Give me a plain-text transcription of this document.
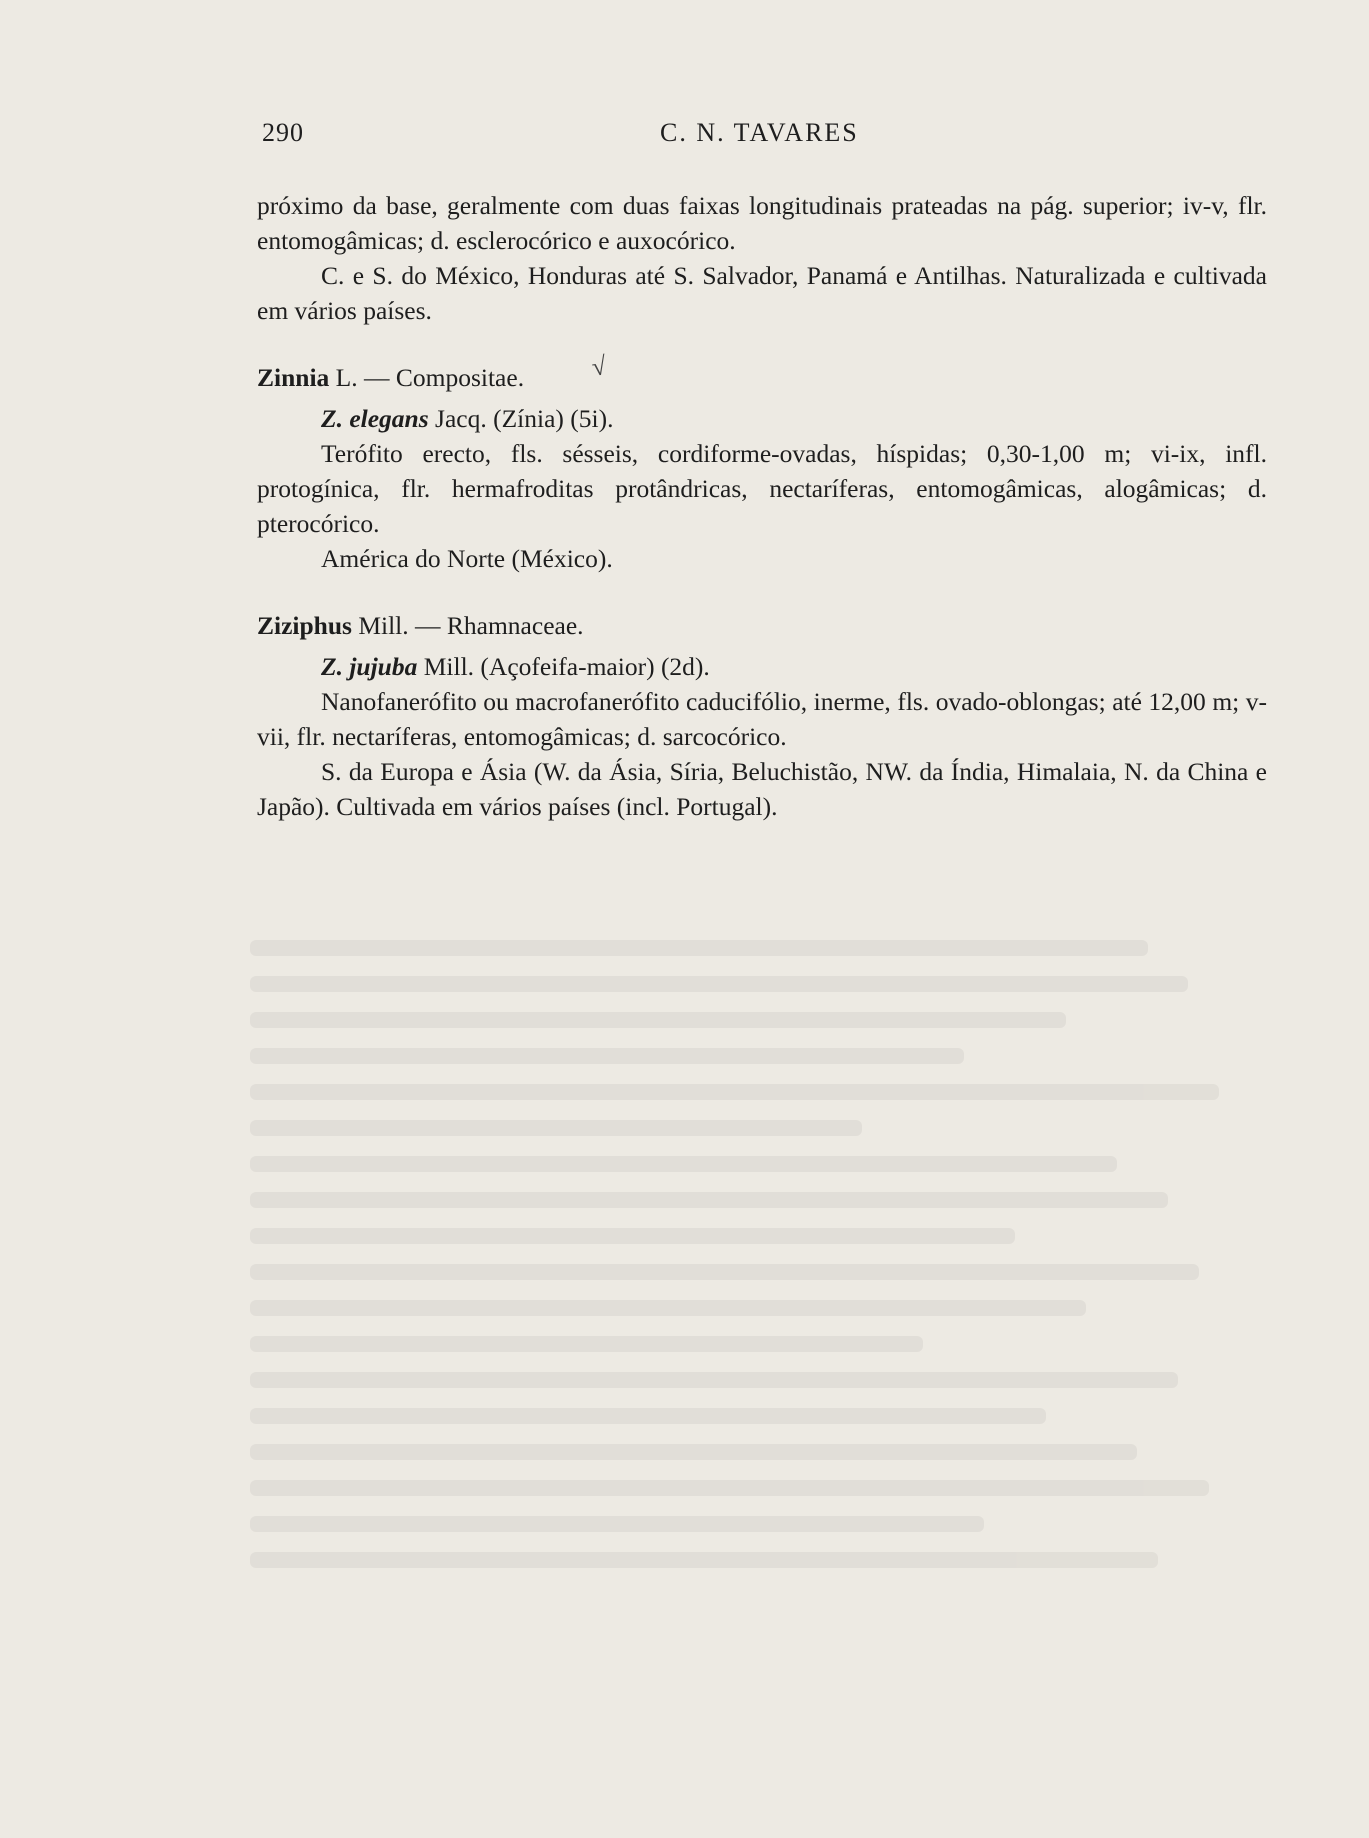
290	C. N. TAVARES
√

próximo da base, geralmente com duas faixas longitudinais prateadas na pág. superior; iv-v, flr. entomogâmicas; d. esclerocórico e auxocórico.

C. e S. do México, Honduras até S. Salvador, Panamá e Antilhas. Naturalizada e cultivada em vários países.

Zinnia L. — Compositae.

Z. elegans Jacq. (Zínia) (5i).

Terófito erecto, fls. sésseis, cordiforme-ovadas, híspidas; 0,30-1,00 m; vi-ix, infl. protogínica, flr. hermafroditas protândricas, nectaríferas, entomogâmicas, alogâmicas; d. pterocórico.

América do Norte (México).

Ziziphus Mill. — Rhamnaceae.

Z. jujuba Mill. (Açofeifa-maior) (2d).

Nanofanerófito ou macrofanerófito caducifólio, inerme, fls. ovado-oblongas; até 12,00 m; v-vii, flr. nectaríferas, entomogâmicas; d. sarcocórico.

S. da Europa e Ásia (W. da Ásia, Síria, Beluchistão, NW. da Índia, Himalaia, N. da China e Japão). Cultivada em vários países (incl. Portugal).
